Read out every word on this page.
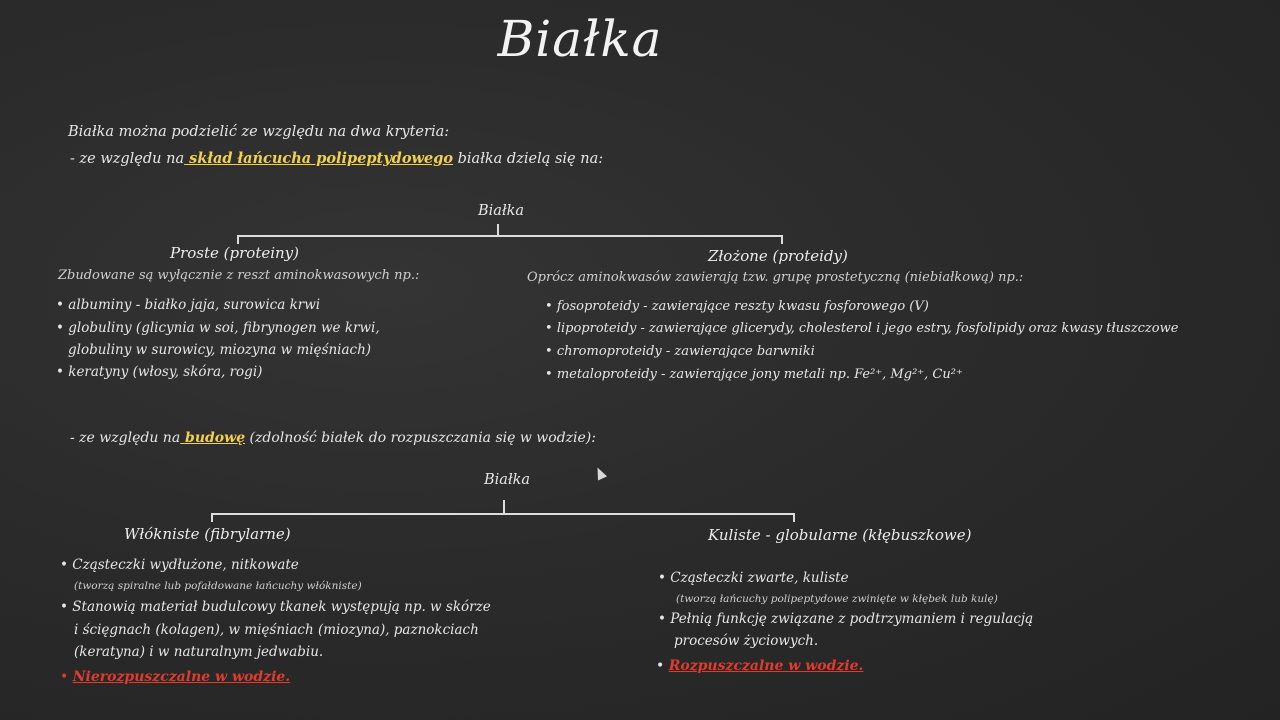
Białka
Białka można podzielić ze względu na dwa kryteria:
- ze względu na skład łańcucha polipeptydowego białka dzielą się na:
Białka
Proste (proteiny)
Zbudowane są wyłącznie z reszt aminokwasowych np.:
• albuminy - białko jaja, surowica krwi
• globuliny (glicynia w soi, fibrynogen we krwi,
globuliny w surowicy, miozyna w mięśniach)
• keratyny (włosy, skóra, rogi)
Złożone (proteidy)
Oprócz aminokwasów zawierają tzw. grupę prostetyczną (niebiałkową) np.:
• fosoproteidy - zawierające reszty kwasu fosforowego (V)
• lipoproteidy - zawierające glicerydy, cholesterol i jego estry, fosfolipidy oraz kwasy tłuszczowe
• chromoproteidy - zawierające barwniki
• metaloproteidy - zawierające jony metali np. Fe²⁺, Mg²⁺, Cu²⁺
- ze względu na budowę (zdolność białek do rozpuszczania się w wodzie):
Białka
Włókniste (fibrylarne)
• Cząsteczki wydłużone, nitkowate
(tworzą spiralne lub pofałdowane łańcuchy włókniste)
• Stanowią materiał budulcowy tkanek występują np. w skórze
i ścięgnach (kolagen), w mięśniach (miozyna), paznokciach
(keratyna) i w naturalnym jedwabiu.
• Nierozpuszczalne w wodzie.
Kuliste - globularne (kłębuszkowe)
• Cząsteczki zwarte, kuliste
(tworzą łańcuchy polipeptydowe zwinięte w kłębek lub kulę)
• Pełnią funkcję związane z podtrzymaniem i regulacją
procesów życiowych.
• Rozpuszczalne w wodzie.
